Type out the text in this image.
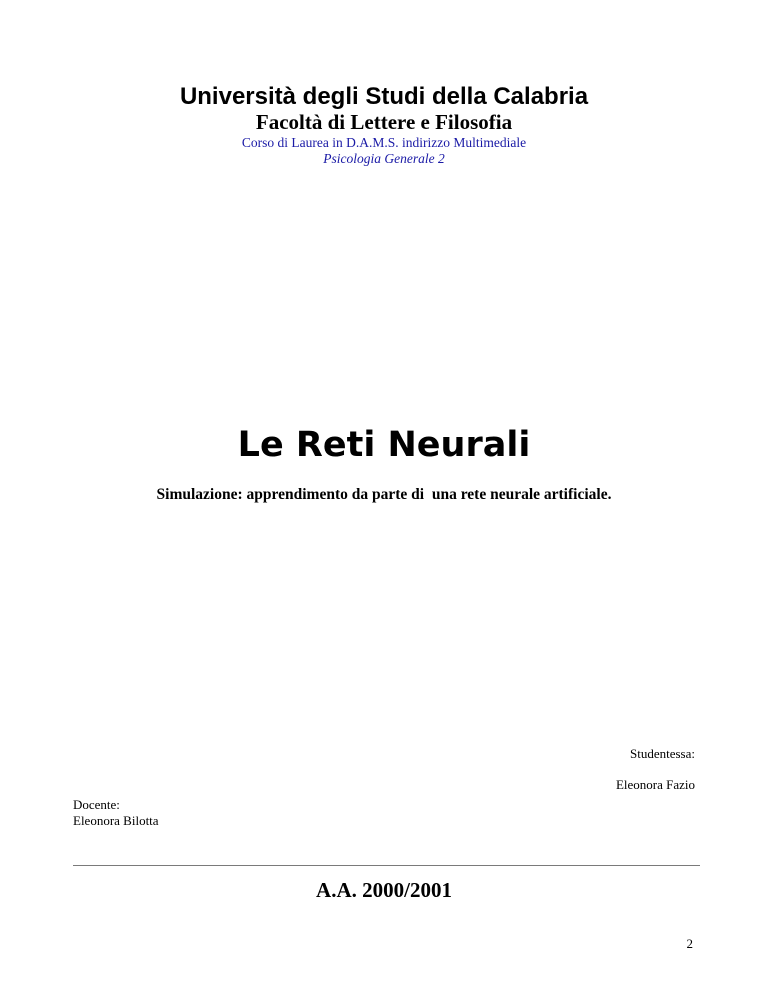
Università degli Studi della Calabria
Facoltà di Lettere e Filosofia
Corso di Laurea in D.A.M.S. indirizzo Multimediale
Psicologia Generale 2
Le Reti Neurali
Simulazione: apprendimento da parte di  una rete neurale artificiale.
Studentessa:
Eleonora Fazio
Docente:
Eleonora Bilotta
A.A. 2000/2001
2
